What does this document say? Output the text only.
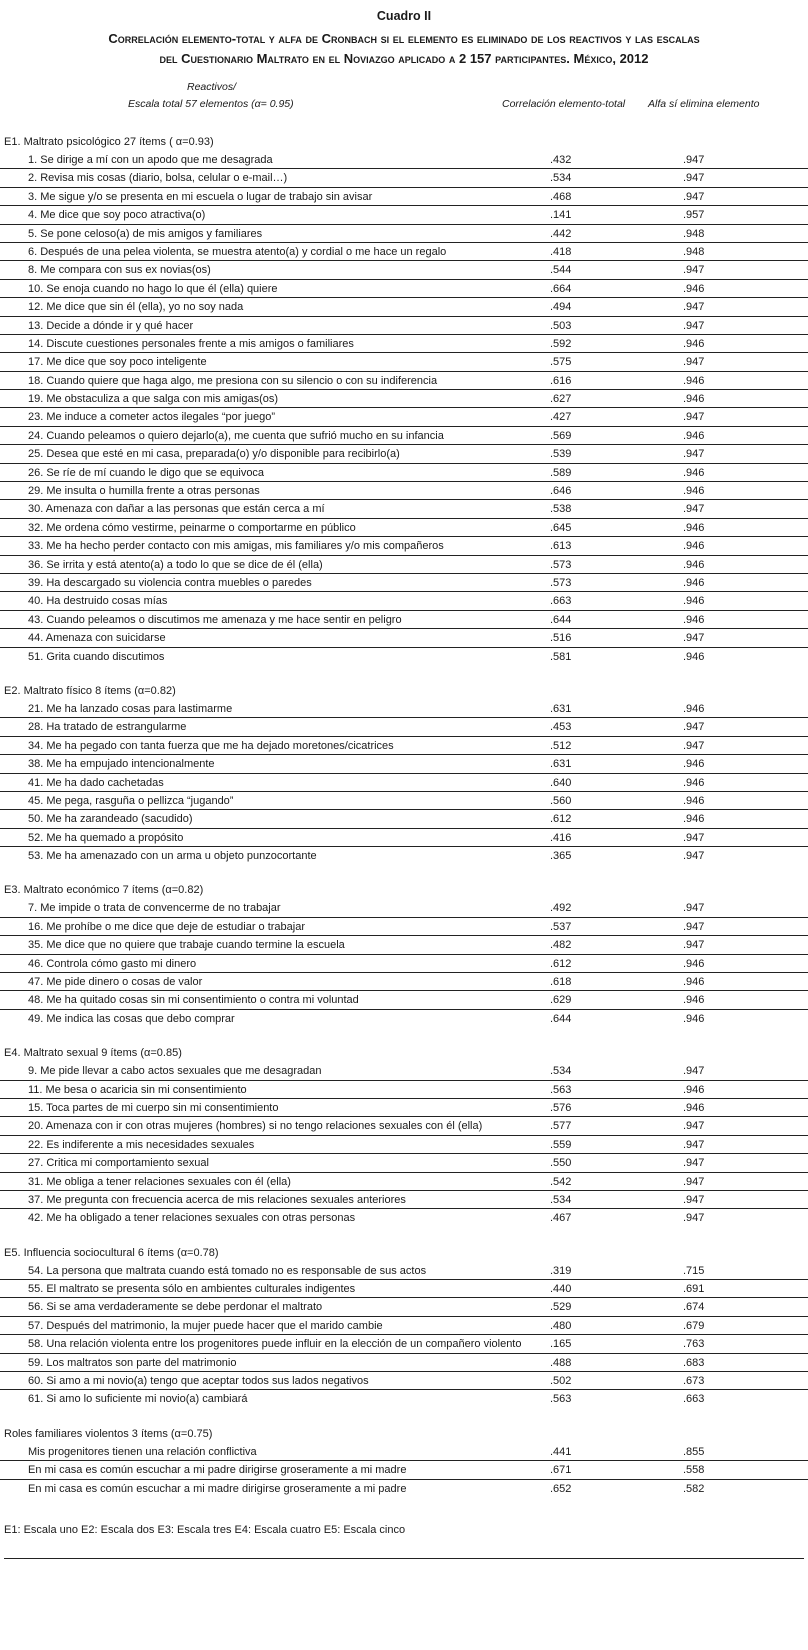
Cuadro II
Correlación elemento-total y alfa de Cronbach si el elemento es eliminado de los reactivos y las escalas
del Cuestionario Maltrato en el Noviazgo aplicado a 2 157 participantes. México, 2012
Reactivos/
Escala total 57 elementos (α= 0.95)	Correlación elemento-total Alfa sí elimina elemento
E1. Maltrato psicológico 27 ítems ( α=0.93)
1. Se dirige a mí con un apodo que me desagrada	.432	.947
2. Revisa mis cosas (diario, bolsa, celular o e-mail…)	.534	.947
3. Me sigue y/o se presenta en mi escuela o lugar de trabajo sin avisar	.468	.947
4. Me dice que soy poco atractiva(o)	.141	.957
5. Se pone celoso(a) de mis amigos y familiares	.442	.948
6. Después de una pelea violenta, se muestra atento(a) y cordial o me hace un regalo	.418	.948
8. Me compara con sus ex novias(os)	.544	.947
10. Se enoja cuando no hago lo que él (ella) quiere	.664	.946
12. Me dice que sin él (ella), yo no soy nada	.494	.947
13. Decide a dónde ir y qué hacer	.503	.947
14. Discute cuestiones personales frente a mis amigos o familiares	.592	.946
17. Me dice que soy poco inteligente	.575	.947
18. Cuando quiere que haga algo, me presiona con su silencio o con su indiferencia	.616	.946
19. Me obstaculiza a que salga con mis amigas(os)	.627	.946
23. Me induce a cometer actos ilegales “por juego”	.427	.947
24. Cuando peleamos o quiero dejarlo(a), me cuenta que sufrió mucho en su infancia	.569	.946
25. Desea que esté en mi casa, preparada(o) y/o disponible para recibirlo(a)	.539	.947
26. Se ríe de mí cuando le digo que se equivoca	.589	.946
29. Me insulta o humilla frente a otras personas	.646	.946
30. Amenaza con dañar a las personas que están cerca a mí	.538	.947
32. Me ordena cómo vestirme, peinarme o comportarme en público	.645	.946
33. Me ha hecho perder contacto con mis amigas, mis familiares y/o mis compañeros	.613	.946
36. Se irrita y está atento(a) a todo lo que se dice de él (ella)	.573	.946
39. Ha descargado su violencia contra muebles o paredes	.573	.946
40. Ha destruido cosas mías	.663	.946
43. Cuando peleamos o discutimos me amenaza y me hace sentir en peligro	.644	.946
44. Amenaza con suicidarse	.516	.947
51. Grita cuando discutimos	.581	.946
E2. Maltrato físico 8 ítems (α=0.82)
21. Me ha lanzado cosas para lastimarme	.631	.946
28. Ha tratado de estrangularme	.453	.947
34. Me ha pegado con tanta fuerza que me ha dejado moretones/cicatrices	.512	.947
38. Me ha empujado intencionalmente	.631	.946
41. Me ha dado cachetadas	.640	.946
45. Me pega, rasguña o pellizca “jugando”	.560	.946
50. Me ha zarandeado (sacudido)	.612	.946
52. Me ha quemado a propósito	.416	.947
53. Me ha amenazado con un arma u objeto punzocortante	.365	.947
E3. Maltrato económico 7 ítems (α=0.82)
7. Me impide o trata de convencerme de no trabajar	.492	.947
16. Me prohíbe o me dice que deje de estudiar o trabajar	.537	.947
35. Me dice que no quiere que trabaje cuando termine la escuela	.482	.947
46. Controla cómo gasto mi dinero	.612	.946
47. Me pide dinero o cosas de valor	.618	.946
48. Me ha quitado cosas sin mi consentimiento o contra mi voluntad	.629	.946
49. Me indica las cosas que debo comprar	.644	.946
E4. Maltrato sexual 9 ítems (α=0.85)
9. Me pide llevar a cabo actos sexuales que me desagradan	.534	.947
11. Me besa o acaricia sin mi consentimiento	.563	.946
15. Toca partes de mi cuerpo sin mi consentimiento	.576	.946
20. Amenaza con ir con otras mujeres (hombres) si no tengo relaciones sexuales con él (ella)	.577	.947
22. Es indiferente a mis necesidades sexuales	.559	.947
27. Critica mi comportamiento sexual	.550	.947
31. Me obliga a tener relaciones sexuales con él (ella)	.542	.947
37. Me pregunta con frecuencia acerca de mis relaciones sexuales anteriores	.534	.947
42. Me ha obligado a tener relaciones sexuales con otras personas	.467	.947
E5. Influencia sociocultural 6 ítems (α=0.78)
54. La persona que maltrata cuando está tomado no es responsable de sus actos	.319	.715
55. El maltrato se presenta sólo en ambientes culturales indigentes	.440	.691
56. Si se ama verdaderamente se debe perdonar el maltrato	.529	.674
57. Después del matrimonio, la mujer puede hacer que el marido cambie	.480	.679
58. Una relación violenta entre los progenitores puede influir en la elección de un compañero violento	.165	.763
59. Los maltratos son parte del matrimonio	.488	.683
60. Si amo a mi novio(a) tengo que aceptar todos sus lados negativos	.502	.673
61. Si amo lo suficiente mi novio(a) cambiará	.563	.663
Roles familiares violentos 3 ítems (α=0.75)
Mis progenitores tienen una relación conflictiva	.441	.855
En mi casa es común escuchar a mi padre dirigirse groseramente a mi madre	.671	.558
En mi casa es común escuchar a mi madre dirigirse groseramente a mi padre	.652	.582
E1: Escala uno E2: Escala dos E3: Escala tres E4: Escala cuatro E5: Escala cinco
